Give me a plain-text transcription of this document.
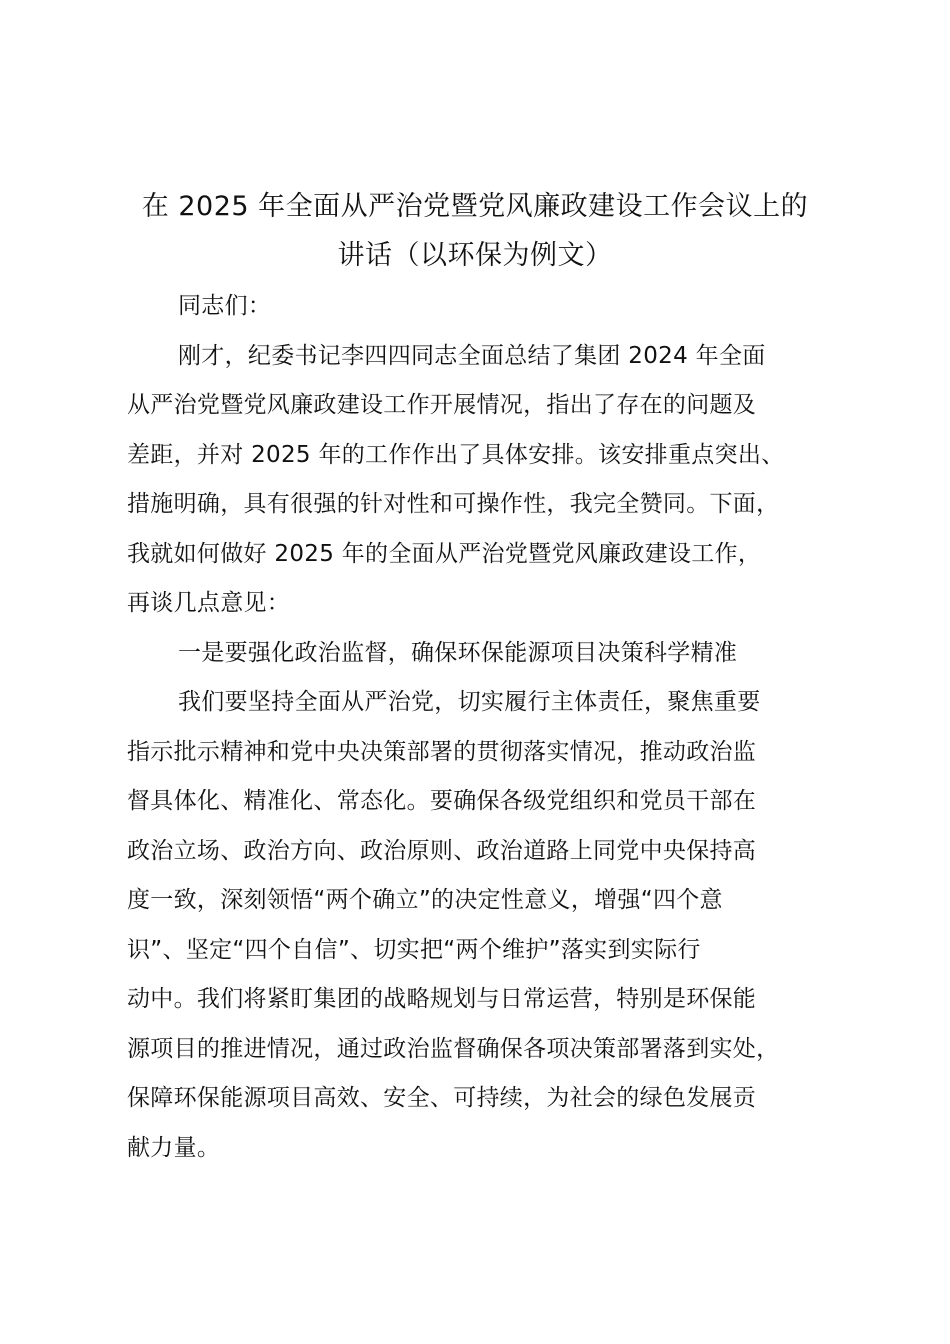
在 2025 年全面从严治党暨党风廉政建设工作会议上的
讲话（以环保为例文）
同志们：
刚才，纪委书记李四四同志全面总结了集团 2024 年全面
从严治党暨党风廉政建设工作开展情况，指出了存在的问题及
差距，并对 2025 年的工作作出了具体安排。该安排重点突出、
措施明确，具有很强的针对性和可操作性，我完全赞同。下面，
我就如何做好 2025 年的全面从严治党暨党风廉政建设工作，
再谈几点意见：
一是要强化政治监督，确保环保能源项目决策科学精准
我们要坚持全面从严治党，切实履行主体责任，聚焦重要
指示批示精神和党中央决策部署的贯彻落实情况，推动政治监
督具体化、精准化、常态化。要确保各级党组织和党员干部在
政治立场、政治方向、政治原则、政治道路上同党中央保持高
度一致，深刻领悟“两个确立”的决定性意义，增强“四个意
识”、坚定“四个自信”、切实把“两个维护”落实到实际行
动中。我们将紧盯集团的战略规划与日常运营，特别是环保能
源项目的推进情况，通过政治监督确保各项决策部署落到实处，
保障环保能源项目高效、安全、可持续，为社会的绿色发展贡
献力量。
